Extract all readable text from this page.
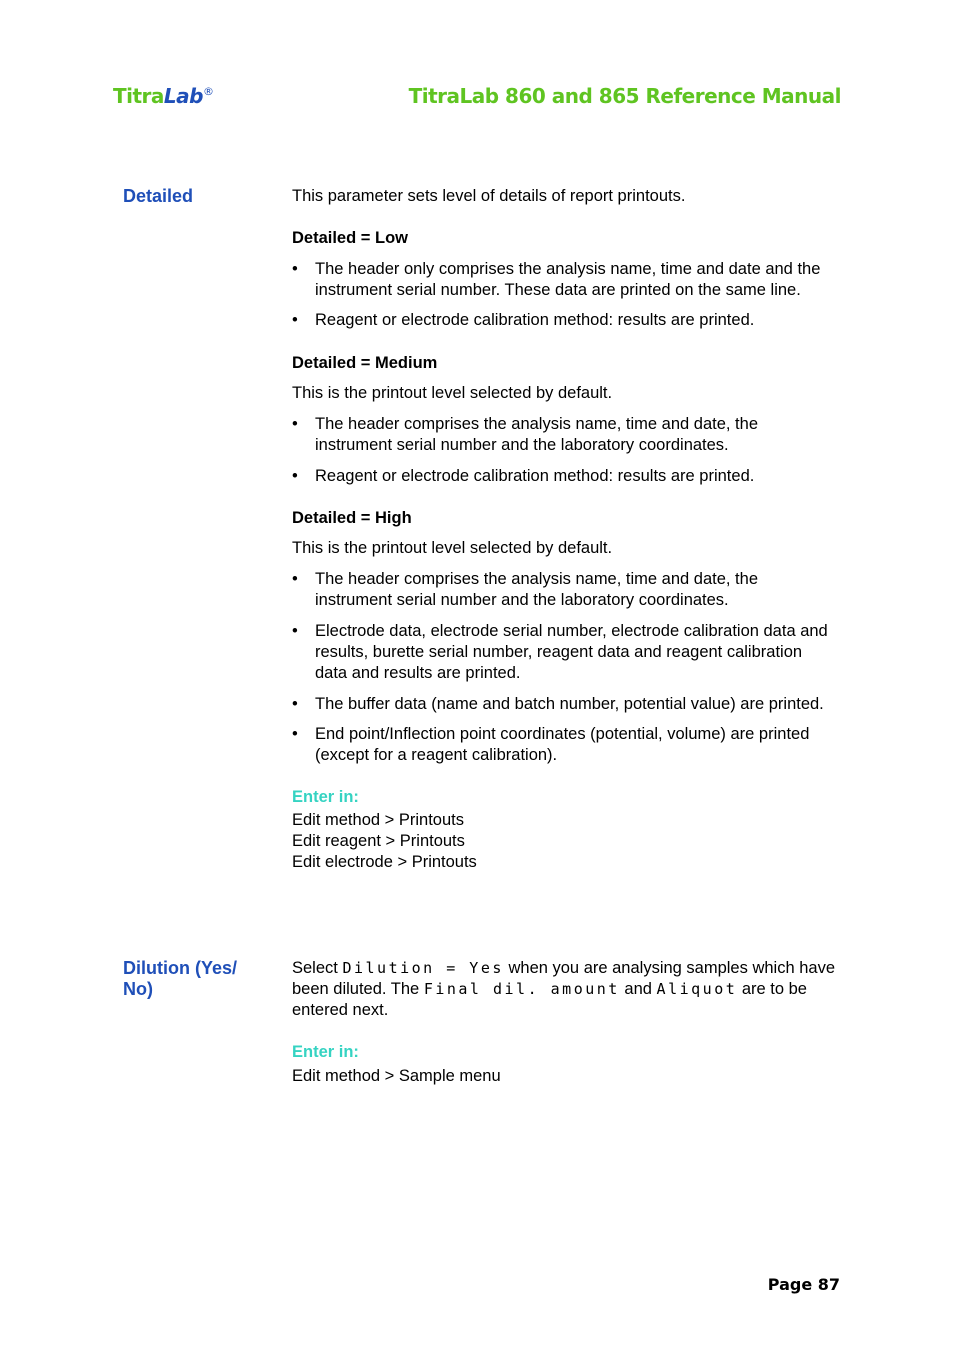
TitraLab®	TitraLab 860 and 865 Reference Manual
Detailed	This parameter sets level of details of report printouts.

Detailed = Low

• The header only comprises the analysis name, time and date and the instrument serial number. These data are printed on the same line.
• Reagent or electrode calibration method: results are printed.

Detailed = Medium

This is the printout level selected by default.

• The header comprises the analysis name, time and date, the instrument serial number and the laboratory coordinates.
• Reagent or electrode calibration method: results are printed.

Detailed = High

This is the printout level selected by default.

• The header comprises the analysis name, time and date, the instrument serial number and the laboratory coordinates.
• Electrode data, electrode serial number, electrode calibration data and results, burette serial number, reagent data and reagent calibration data and results are printed.
• The buffer data (name and batch number, potential value) are printed.
• End point/Inflection point coordinates (potential, volume) are printed (except for a reagent calibration).

Enter in:

Edit method > Printouts

Edit reagent > Printouts

Edit electrode > Printouts

Dilution (Yes/ No)

Select Dilution = Yes when you are analysing samples which have been diluted. The Final dil. amount and Aliquot are to be entered next.

Enter in:

Edit method > Sample menu

Page 87
